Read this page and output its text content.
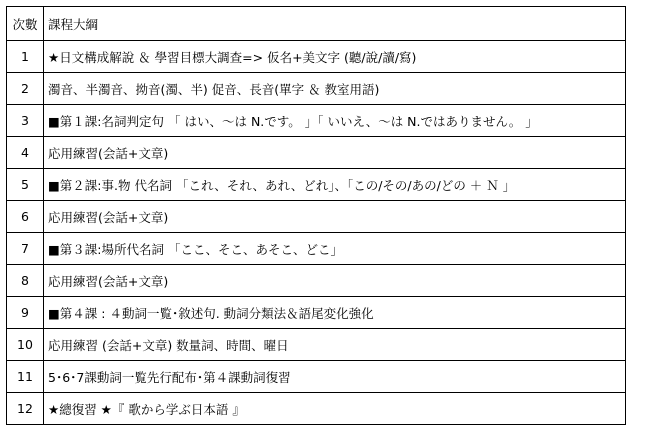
次數	課程大綱
1	★日文構成解說 ＆ 學習目標大調查=> 仮名+美文字 (聽/說/讀/寫)
2	濁音、半濁音、拗音(濁、半) 促音、長音(單字 ＆ 教室用語)
3	■第１課:名詞判定句 「 はい、～は N.です。 」「 いいえ、～は N.ではありません。 」
4	応用練習(会話+文章)
5	■第２課:事.物 代名詞 「これ、それ、あれ、どれ」、「この/その/あの/どの ＋ Ｎ 」
6	応用練習(会話+文章)
7	■第３課:場所代名詞 「ここ、そこ、あそこ、どこ」
8	応用練習(会話+文章)
9	■第４課 : ４動詞一覧･敘述句. 動詞分類法＆語尾変化強化
10	応用練習 (会話+文章) 数量詞、時間、曜日
11	5･6･7課動詞一覧先行配布･第４課動詞復習
12	★總復習 ★『 歌から学ぶ日本語 』
